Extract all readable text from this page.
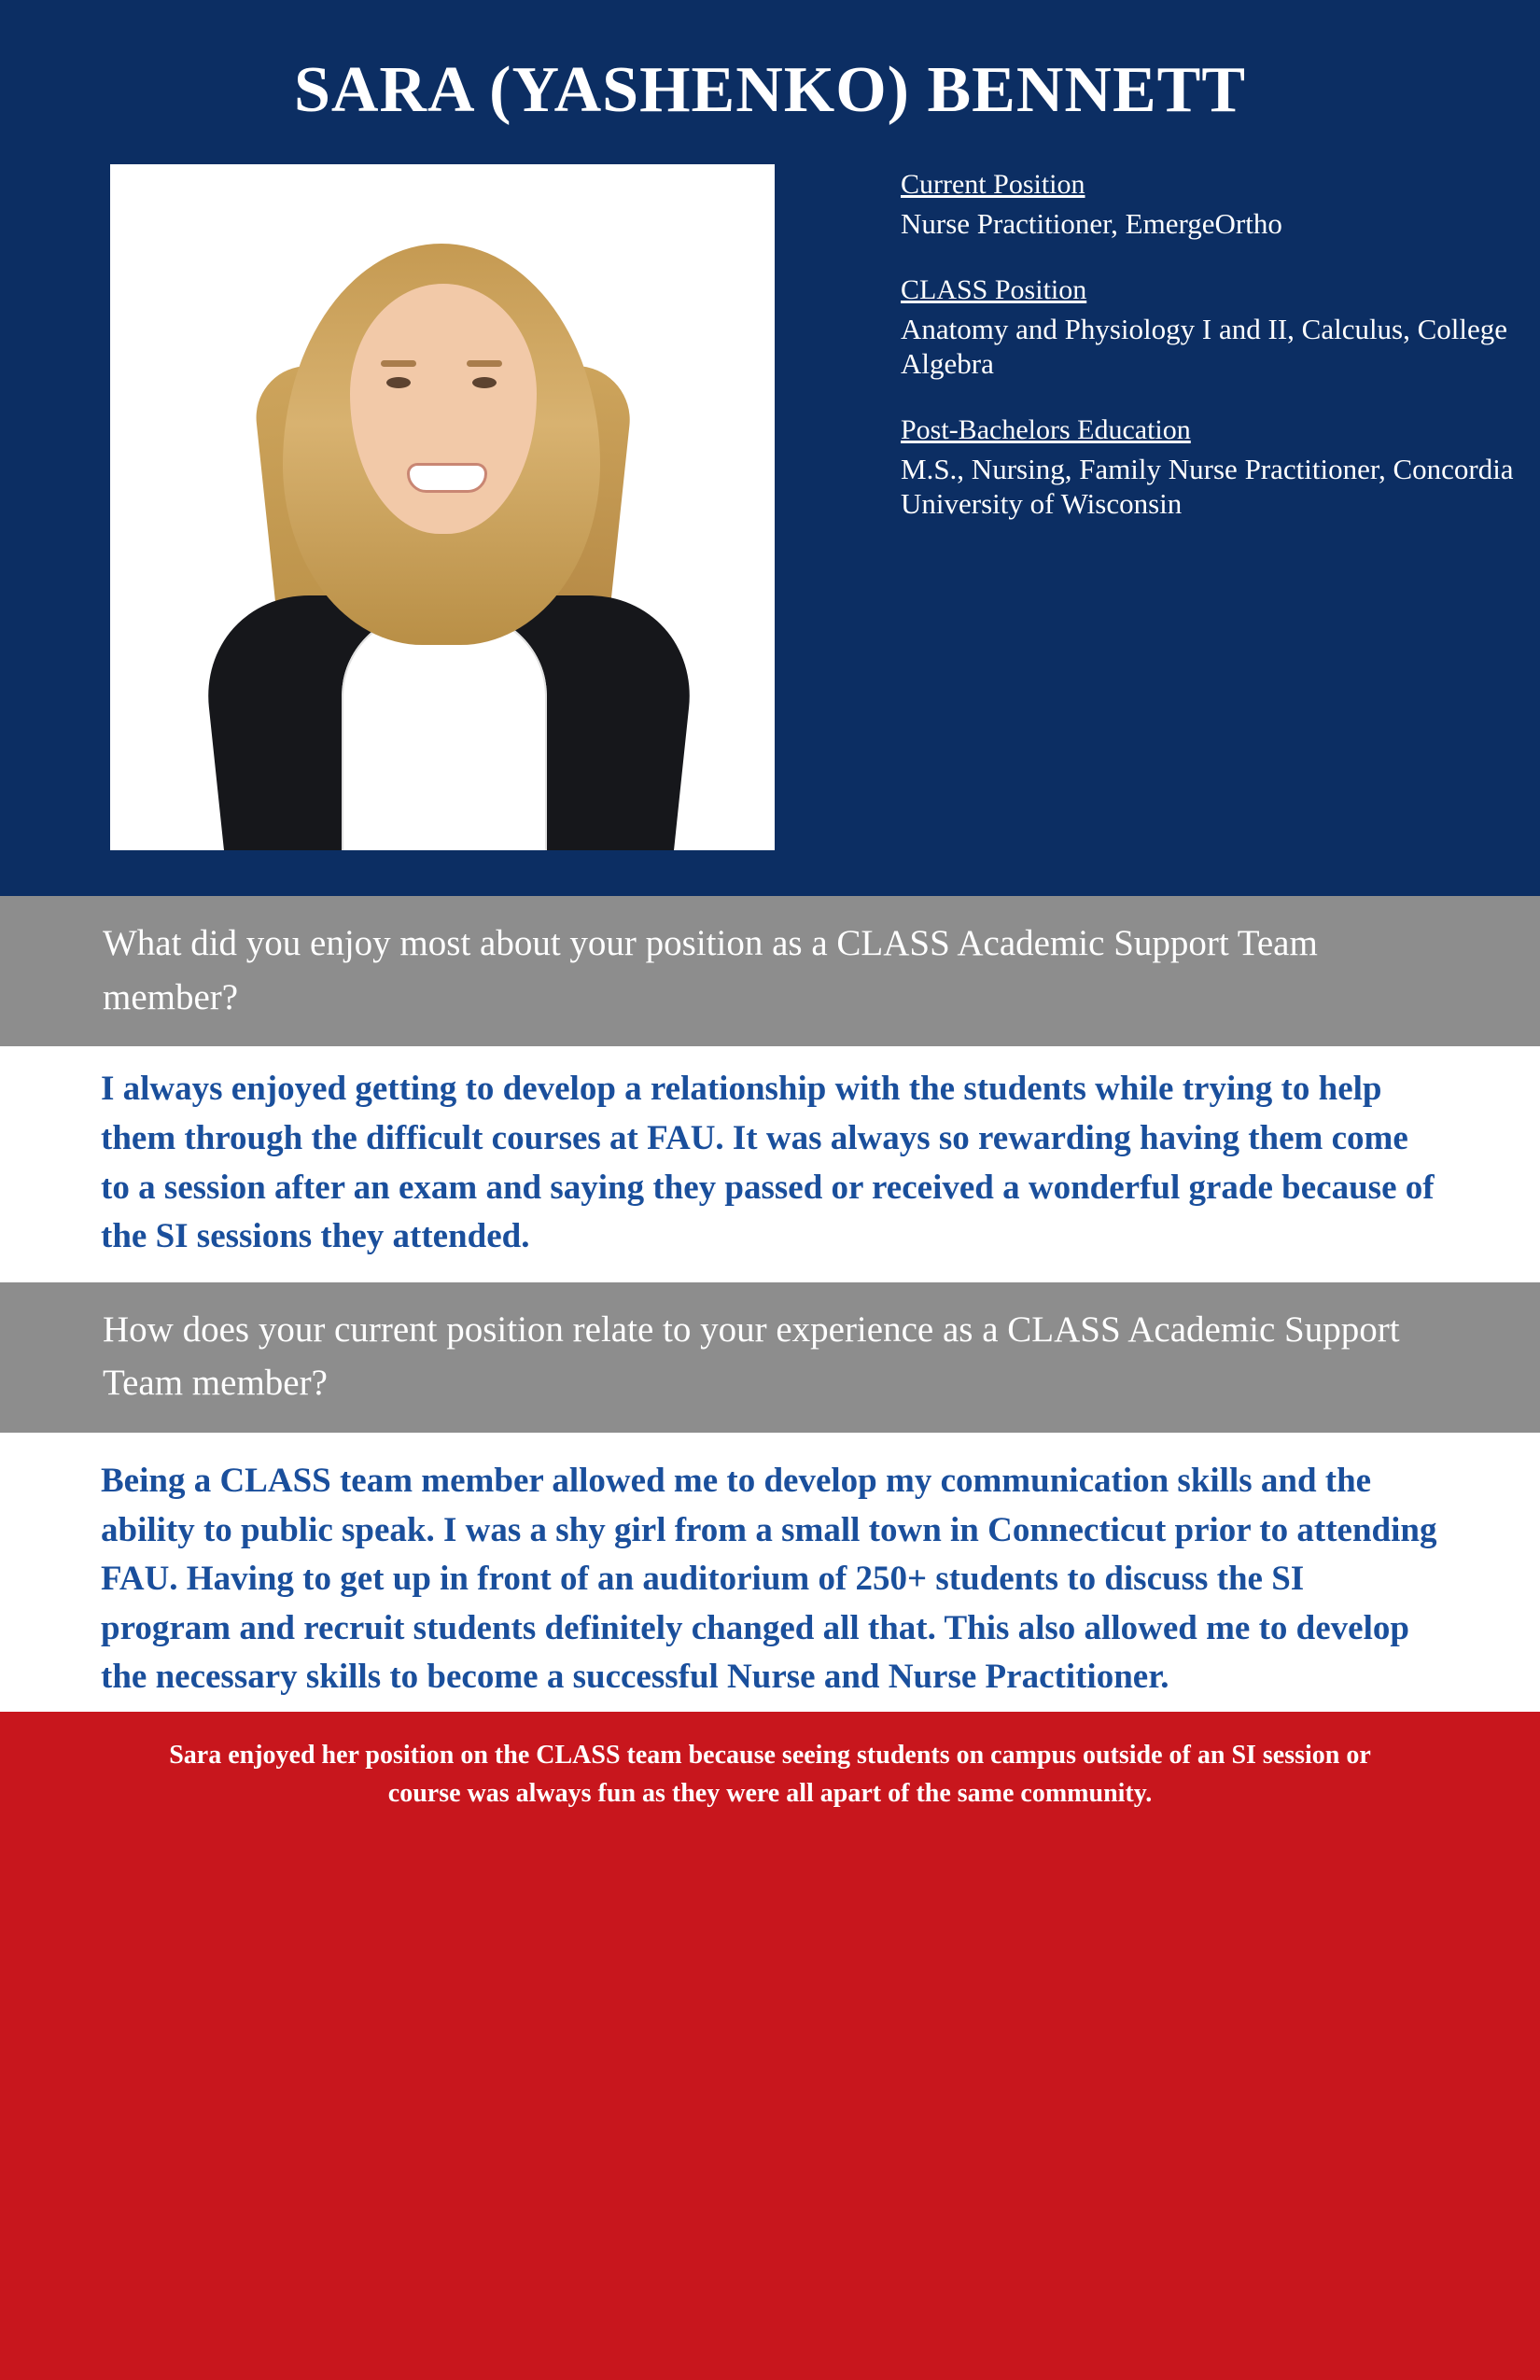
SARA (YASHENKO) BENNETT
Current Position
Nurse Practitioner, EmergeOrtho
CLASS Position
Anatomy and Physiology I and II, Calculus, College Algebra
Post-Bachelors Education
M.S., Nursing, Family Nurse Practitioner, Concordia University of Wisconsin
What did you enjoy most about your position as a CLASS Academic Support Team member?
I always enjoyed getting to develop a relationship with the students while trying to help them through the difficult courses at FAU. It was always so rewarding having them come to a session after an exam and saying they passed or received a wonderful grade because of the SI sessions they attended.
How does your current position relate to your experience as a CLASS Academic Support Team member?
Being a CLASS team member allowed me to develop my communication skills and the ability to public speak. I was a shy girl from a small town in Connecticut prior to attending FAU. Having to get up in front of an auditorium of 250+ students to discuss the SI program and recruit students definitely changed all that. This also allowed me to develop the necessary skills to become a successful Nurse and Nurse Practitioner.
Sara enjoyed her position on the CLASS team because seeing students on campus outside of an SI session or course was always fun as they were all apart of the same community.
